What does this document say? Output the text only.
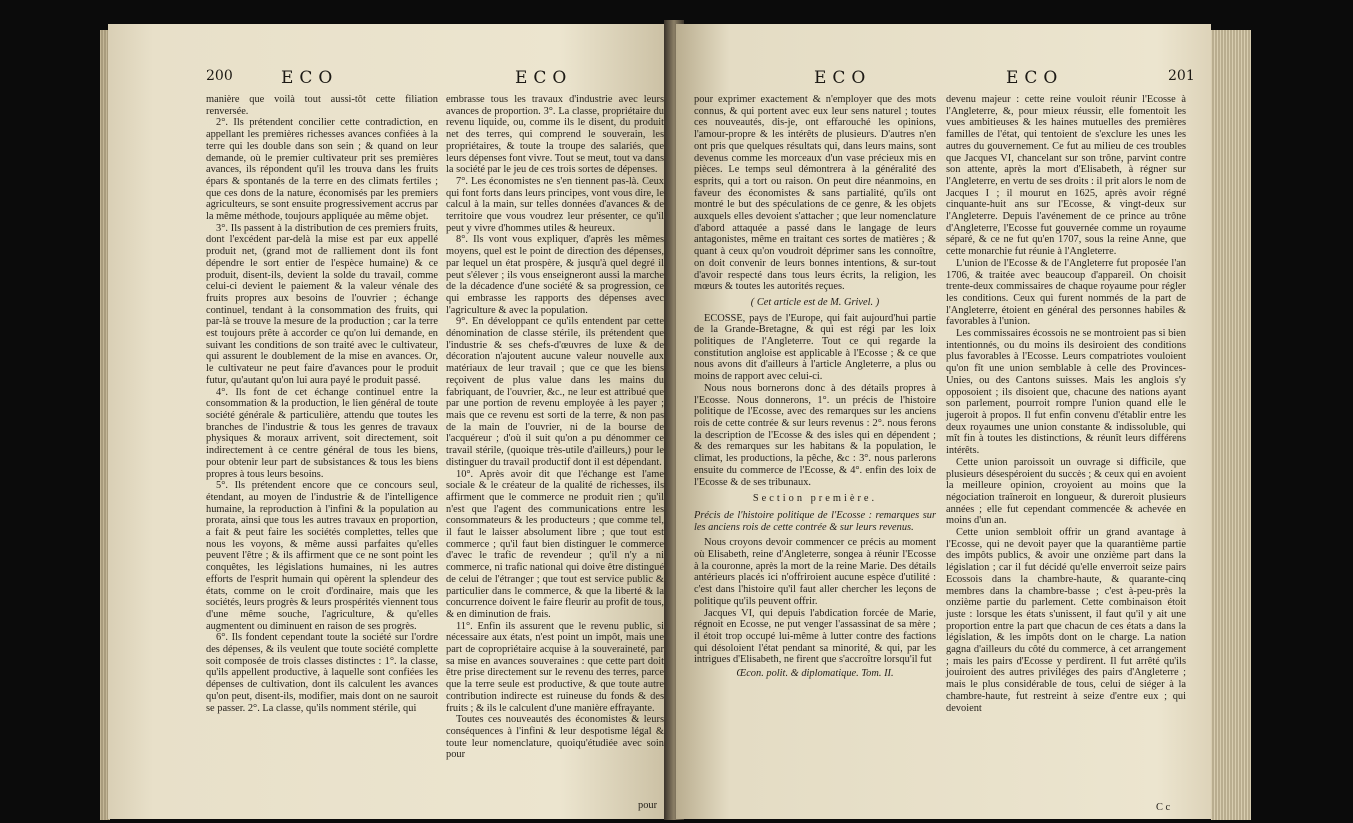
200	ECO	ECO

manière que voilà tout aussi-tôt cette filiation renversée.

2°. Ils prétendent concilier cette contradiction, en appellant les premières richesses avances confiées à la terre qui les double dans son sein ; & quand on leur demande, où le premier cultivateur prit ses premières avances, ils répondent qu'il les trouva dans les fruits épars & spontanés de la terre en des climats fertiles ; que ces dons de la nature, économisés par les premiers agriculteurs, se sont ensuite progressivement accrus par la même méthode, toujours appliquée au même objet.

3°. Ils passent à la distribution de ces premiers fruits, dont l'excédent par-delà la mise est par eux appellé produit net, (grand mot de ralliement dont ils font dépendre le sort entier de l'espèce humaine) & ce produit, disent-ils, devient la solde du travail, comme celui-ci devient le paiement & la valeur vénale des fruits propres aux besoins de l'ouvrier ; échange continuel, tendant à la consommation des fruits, qui par-là se trouve la mesure de la production ; car la terre est toujours prête à accorder ce qu'on lui demande, en suivant les conditions de son traité avec le cultivateur, qui assurent le doublement de la mise en avances. Or, le cultivateur ne peut faire d'avances pour le produit futur, qu'autant qu'on lui aura payé le produit passé.

4°. Ils font de cet échange continuel entre la consommation & la production, le lien général de toute société générale & particulière, attendu que toutes les branches de l'industrie & tous les genres de travaux physiques & moraux arrivent, soit directement, soit indirectement à ce centre général de tous les biens, pour obtenir leur part de subsistances & tous les biens propres à tous leurs besoins.

5°. Ils prétendent encore que ce concours seul, étendant, au moyen de l'industrie & de l'intelligence humaine, la reproduction à l'infini & la population au prorata, ainsi que tous les autres travaux en proportion, a fait & peut faire les sociétés complettes, telles que nous les voyons, & même aussi parfaites qu'elles peuvent l'être ; & ils affirment que ce ne sont point les conquêtes, les législations humaines, ni les autres efforts de l'esprit humain qui opèrent la splendeur des états, comme on le croit d'ordinaire, mais que les sociétés, leurs progrès & leurs prospérités viennent tous d'une même souche, l'agriculture, & qu'elles augmentent ou diminuent en raison de ses progrès.

6°. Ils fondent cependant toute la société sur l'ordre des dépenses, & ils veulent que toute société complette soit composée de trois classes distinctes : 1°. la classe, qu'ils appellent productive, à laquelle sont confiées les dépenses de cultivation, dont ils calculent les avances qu'on peut, disent-ils, modifier, mais dont on ne sauroit se passer. 2°. La classe, qu'ils nomment stérile, qui

embrasse tous les travaux d'industrie avec leurs avances de proportion. 3°. La classe, propriétaire du revenu liquide, ou, comme ils le disent, du produit net des terres, qui comprend le souverain, les propriétaires, & toute la troupe des salariés, que leurs dépenses font vivre. Tout se meut, tout va dans la société par le jeu de ces trois sortes de dépenses.

7°. Les économistes ne s'en tiennent pas-là. Ceux qui font forts dans leurs principes, vont vous dire, le calcul à la main, sur telles données d'avances & de territoire que vous voudrez leur présenter, ce qu'il peut y vivre d'hommes utiles & heureux.

8°. Ils vont vous expliquer, d'après les mêmes moyens, quel est le point de direction des dépenses, par lequel un état prospère, & jusqu'à quel degré il peut s'élever ; ils vous enseigneront aussi la marche de la décadence d'une société & sa progression, ce qui embrasse les rapports des dépenses avec l'agriculture & avec la population.

9°. En développant ce qu'ils entendent par cette dénomination de classe stérile, ils prétendent que l'industrie & ses chefs-d'œuvres de luxe & de décoration n'ajoutent aucune valeur nouvelle aux matériaux de leur travail ; que ce que les biens reçoivent de plus value dans les mains du fabriquant, de l'ouvrier, &c., ne leur est attribué que par une portion de revenu employée à les payer ; mais que ce revenu est sorti de la terre, & non pas de la main de l'ouvrier, ni de la bourse de l'acquéreur ; d'où il suit qu'on a pu dénommer ce travail stérile, (quoique très-utile d'ailleurs,) pour le distinguer du travail productif dont il est dépendant.

10°. Après avoir dit que l'échange est l'ame sociale & le créateur de la qualité de richesses, ils affirment que le commerce ne produit rien ; qu'il n'est que l'agent des communications entre les consommateurs & les producteurs ; que comme tel, il faut le laisser absolument libre ; que tout est commerce ; qu'il faut bien distinguer le commerce d'avec le trafic de revendeur ; qu'il n'y a ni commerce, ni trafic national qui doive être distingué de celui de l'étranger ; que tout est service public & particulier dans le commerce, & que la liberté & la concurrence doivent le faire fleurir au profit de tous, & en diminution de frais.

11°. Enfin ils assurent que le revenu public, si nécessaire aux états, n'est point un impôt, mais une part de copropriétaire acquise à la souveraineté, par sa mise en avances souveraines : que cette part doit être prise directement sur le revenu des terres, parce que la terre seule est productive, & que toute autre contribution indirecte est ruineuse du fonds & des fruits ; & ils le calculent d'une manière effrayante.

Toutes ces nouveautés des économistes & leurs conséquences à l'infini & leur despotisme légal & toute leur nomenclature, quoiqu'étudiée avec soin pour

pour
ECO	ECO	201

pour exprimer exactement & n'employer que des mots connus, & qui portent avec eux leur sens naturel ; toutes ces nouveautés, dis-je, ont effarouché les opinions, l'amour-propre & les intérêts de plusieurs. D'autres n'en ont pris que quelques résultats qui, dans leurs mains, sont devenus comme les morceaux d'un vase précieux mis en pièces. Le temps seul démontrera à la généralité des esprits, qui a tort ou raison. On peut dire néanmoins, en faveur des économistes & sans partialité, qu'ils ont montré le but des spéculations de ce genre, & les objets auxquels elles devoient s'attacher ; que leur nomenclature d'abord attaquée a passé dans le langage de leurs antagonistes, même en traitant ces sortes de matières ; & quant à ceux qu'on voudroit déprimer sans les connoître, on doit convenir de leurs bonnes intentions, & sur-tout d'avoir respecté dans tous leurs écrits, la religion, les mœurs & toutes les autorités reçues.

( Cet article est de M. Grivel. )

ECOSSE, pays de l'Europe, qui fait aujourd'hui partie de la Grande-Bretagne, & qui est régi par les loix politiques de l'Angleterre. Tout ce qui regarde la constitution angloise est applicable à l'Ecosse ; & ce que nous avons dit d'ailleurs à l'article Angleterre, a plus ou moins de rapport avec celui-ci.

Nous nous bornerons donc à des détails propres à l'Ecosse. Nous donnerons, 1°. un précis de l'histoire politique de l'Ecosse, avec des remarques sur les anciens rois de cette contrée & sur leurs revenus : 2°. nous ferons la description de l'Ecosse & des isles qui en dépendent ; & des remarques sur les habitans & la population, le climat, les productions, la pêche, &c : 3°. nous parlerons ensuite du commerce de l'Ecosse, & 4°. enfin des loix de l'Ecosse & de ses tribunaux.

Section première.

Précis de l'histoire politique de l'Ecosse : remarques sur les anciens rois de cette contrée & sur leurs revenus.

Nous croyons devoir commencer ce précis au moment où Elisabeth, reine d'Angleterre, songea à réunir l'Ecosse à la couronne, après la mort de la reine Marie. Des détails antérieurs placés ici n'offriroient aucune espèce d'utilité : c'est dans l'histoire qu'il faut aller chercher les leçons de politique qu'ils peuvent offrir.

Jacques VI, qui depuis l'abdication forcée de Marie, régnoit en Ecosse, ne put venger l'assassinat de sa mère ; il étoit trop occupé lui-même à lutter contre des factions qui désoloient l'état pendant sa minorité, & qui, par les intrigues d'Elisabeth, ne firent que s'accroître lorsqu'il fut

Œcon. polit. & diplomatique. Tom. II.

devenu majeur : cette reine vouloit réunir l'Ecosse à l'Angleterre, &, pour mieux réussir, elle fomentoit les vues ambitieuses & les haines mutuelles des premières familles de l'état, qui tentoient de s'exclure les unes les autres du gouvernement. Ce fut au milieu de ces troubles que Jacques VI, chancelant sur son trône, parvint contre son attente, après la mort d'Elisabeth, à régner sur l'Angleterre, en vertu de ses droits : il prit alors le nom de Jacques I ; il mourut en 1625, après avoir régné cinquante-huit ans sur l'Ecosse, & vingt-deux sur l'Angleterre. Depuis l'avénement de ce prince au trône d'Angleterre, l'Ecosse fut gouvernée comme un royaume séparé, & ce ne fut qu'en 1707, sous la reine Anne, que cette monarchie fut réunie à l'Angleterre.

L'union de l'Ecosse & de l'Angleterre fut proposée l'an 1706, & traitée avec beaucoup d'appareil. On choisit trente-deux commissaires de chaque royaume pour régler les conditions. Ceux qui furent nommés de la part de l'Angleterre, étoient en général des personnes habiles & favorables à l'union.

Les commissaires écossois ne se montroient pas si bien intentionnés, ou du moins ils desiroient des conditions plus favorables à l'Ecosse. Leurs compatriotes vouloient qu'on fît une union semblable à celle des Provinces-Unies, ou des Cantons suisses. Mais les anglois s'y opposoient ; ils disoient que, chacune des nations ayant son parlement, pourroit rompre l'union quand elle le jugeroit à propos. Il fut enfin convenu d'établir entre les deux royaumes une union constante & indissoluble, qui mît fin à toutes les distinctions, & réunît leurs différens intérêts.

Cette union paroissoit un ouvrage si difficile, que plusieurs désespéroient du succès ; & ceux qui en avoient la meilleure opinion, croyoient au moins que la négociation traîneroit en longueur, & dureroit plusieurs années ; elle fut cependant commencée & achevée en moins d'un an.

Cette union sembloit offrir un grand avantage à l'Ecosse, qui ne devoit payer que la quarantième partie des impôts publics, & avoir une onzième part dans la législation ; car il fut décidé qu'elle enverroit seize pairs Ecossois dans la chambre-haute, & quarante-cinq membres dans la chambre-basse ; c'est à-peu-près la onzième partie du parlement. Cette combinaison étoit juste : lorsque les états s'unissent, il faut qu'il y ait une proportion entre la part que chacun de ces états a dans la législation, & les impôts dont on le charge. La nation gagna d'ailleurs du côté du commerce, à cet arrangement ; mais les pairs d'Ecosse y perdirent. Il fut arrêté qu'ils jouiroient des autres priviléges des pairs d'Angleterre ; mais le plus considérable de tous, celui de siéger à la chambre-haute, fut restreint à seize d'entre eux ; qui devoient

C c
